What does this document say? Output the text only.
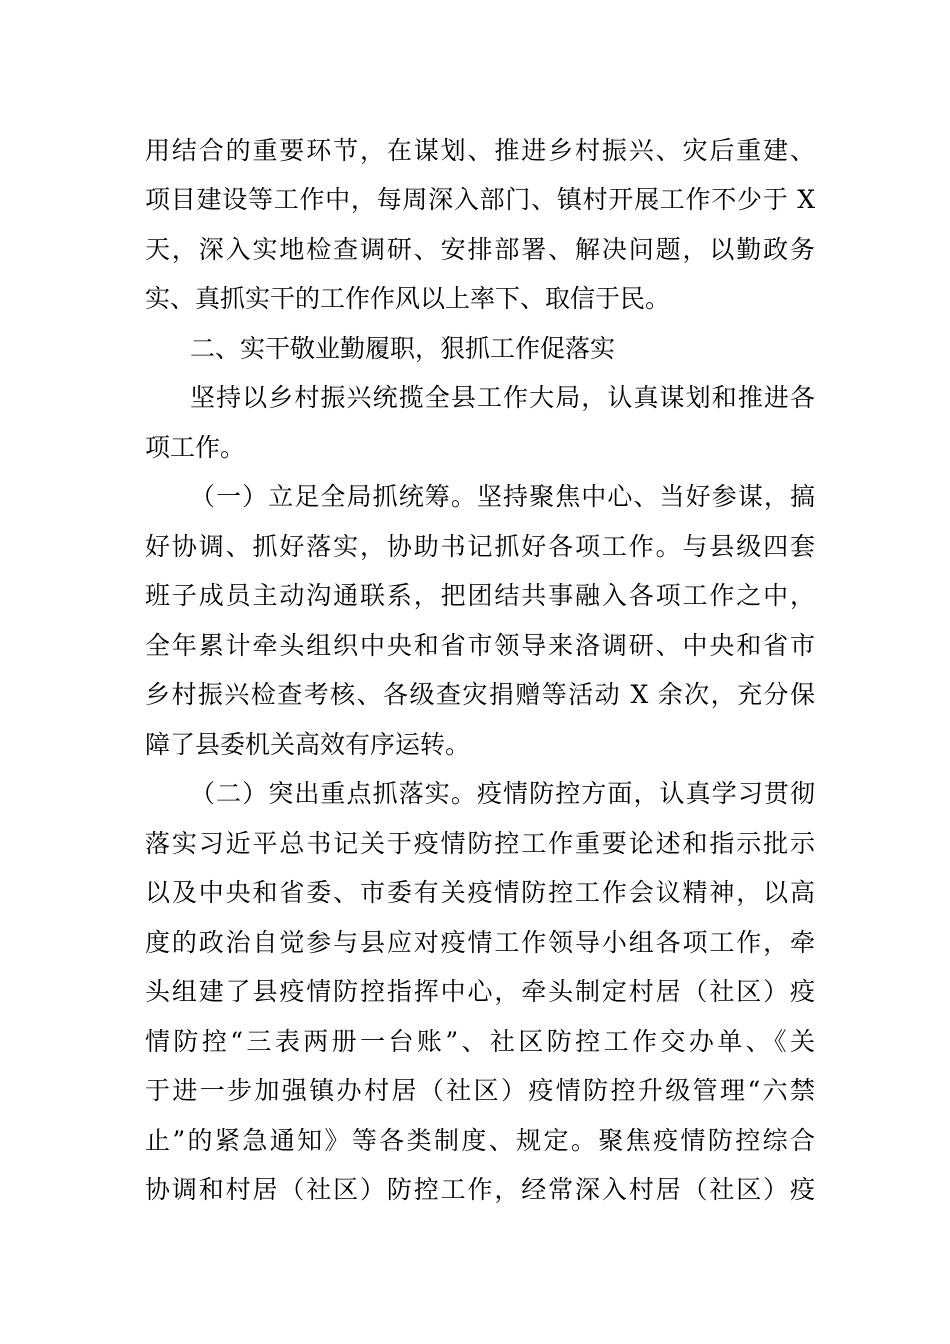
用结合的重要环节，在谋划、推进乡村振兴、灾后重建、
项目建设等工作中，每周深入部门、镇村开展工作不少于 X
天，深入实地检查调研、安排部署、解决问题，以勤政务
实、真抓实干的工作作风以上率下、取信于民。
二、实干敬业勤履职，狠抓工作促落实
坚持以乡村振兴统揽全县工作大局，认真谋划和推进各
项工作。
（一）立足全局抓统筹。坚持聚焦中心、当好参谋，搞
好协调、抓好落实，协助书记抓好各项工作。与县级四套
班子成员主动沟通联系，把团结共事融入各项工作之中，
全年累计牵头组织中央和省市领导来洛调研、中央和省市
乡村振兴检查考核、各级查灾捐赠等活动 X 余次，充分保
障了县委机关高效有序运转。
（二）突出重点抓落实。疫情防控方面，认真学习贯彻
落实习近平总书记关于疫情防控工作重要论述和指示批示
以及中央和省委、市委有关疫情防控工作会议精神，以高
度的政治自觉参与县应对疫情工作领导小组各项工作，牵
头组建了县疫情防控指挥中心，牵头制定村居（社区）疫
情防控“三表两册一台账”、社区防控工作交办单、《关
于进一步加强镇办村居（社区）疫情防控升级管理“六禁
止”的紧急通知》等各类制度、规定。聚焦疫情防控综合
协调和村居（社区）防控工作，经常深入村居（社区）疫
